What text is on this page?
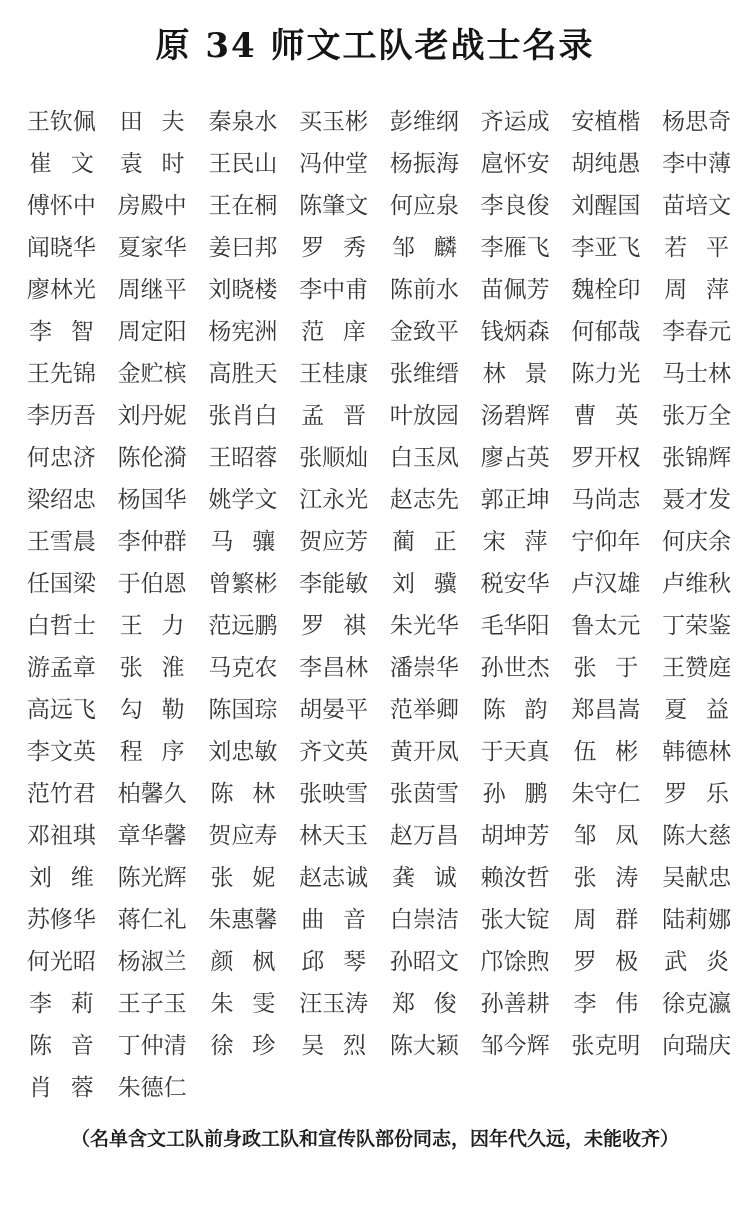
原 34 师文工队老战士名录
王钦佩	田 夫	秦泉水 买玉彬 彭维纲 齐运成 安植楷 杨思奇
崔 文 袁 时	王民山 冯仲堂 杨振海 扈怀安 胡纯愚 李中薄
傅怀中 房殿中 王在桐 陈肇文 何应泉 李良俊 刘醒国 苗培文
闻晓华 夏家华 姜曰邦	罗 秀 邹 麟	李雁飞 李亚飞	若 平
廖林光 周继平 刘晓楼 李中甫 陈前水 苗佩芳 魏栓印	周 萍
李 智	周定阳 杨宪洲	范 庠	金致平 钱炳森 何郁哉 李春元
王先锦 金贮槟 高胜天 王桂康 张维缙	林 景	陈力光 马士林
李历吾 刘丹妮 张肖白	孟 晋	叶放园 汤碧辉	曹 英	张万全
何忠济 陈伦漪 王昭蓉 张顺灿 白玉凤 廖占英 罗开权 张锦辉
梁绍忠 杨国华 姚学文 江永光 赵志先 郭正坤 马尚志 聂才发
王雪晨 李仲群	马 骧	贺应芳	蔺 正 宋 萍	宁仰年 何庆余
任国梁 于伯恩 曾繁彬 李能敏	刘 骥	税安华 卢汉雄 卢维秋
白哲士	王 力	范远鹏	罗 祺	朱光华 毛华阳 鲁太元 丁荣鉴
游孟章	张 淮	马克农 李昌林 潘崇华 孙世杰	张 于	王赞庭
高远飞	勾 勒	陈国琮 胡晏平 范举卿	陈 韵	郑昌嵩	夏 益
李文英	程 序	刘忠敏 齐文英 黄开凤 于天真	伍 彬	韩德林
范竹君 柏馨久	陈 林	张映雪 张茵雪	孙 鹏	朱守仁	罗 乐
邓祖琪 章华馨 贺应寿 林天玉 赵万昌 胡坤芳	邹 凤	陈大慈
刘 维	陈光辉	张 妮	赵志诚	龚 诚	赖汝哲	张 涛	吴献忠
苏修华 蒋仁礼 朱惠馨	曲 音	白崇洁 张大锭	周 群	陆莉娜
何光昭 杨淑兰	颜 枫 邱 琴	孙昭文 邝馀煦	罗 极 武 炎
李 莉	王子玉	朱 雯	汪玉涛	郑 俊	孙善耕	李 伟	徐克瀛
陈 音	丁仲清	徐 珍 吴 烈	陈大颖 邹今辉 张克明 向瑞庆
肖 蓉	朱德仁
（名单含文工队前身政工队和宣传队部份同志，因年代久远，未能收齐）
